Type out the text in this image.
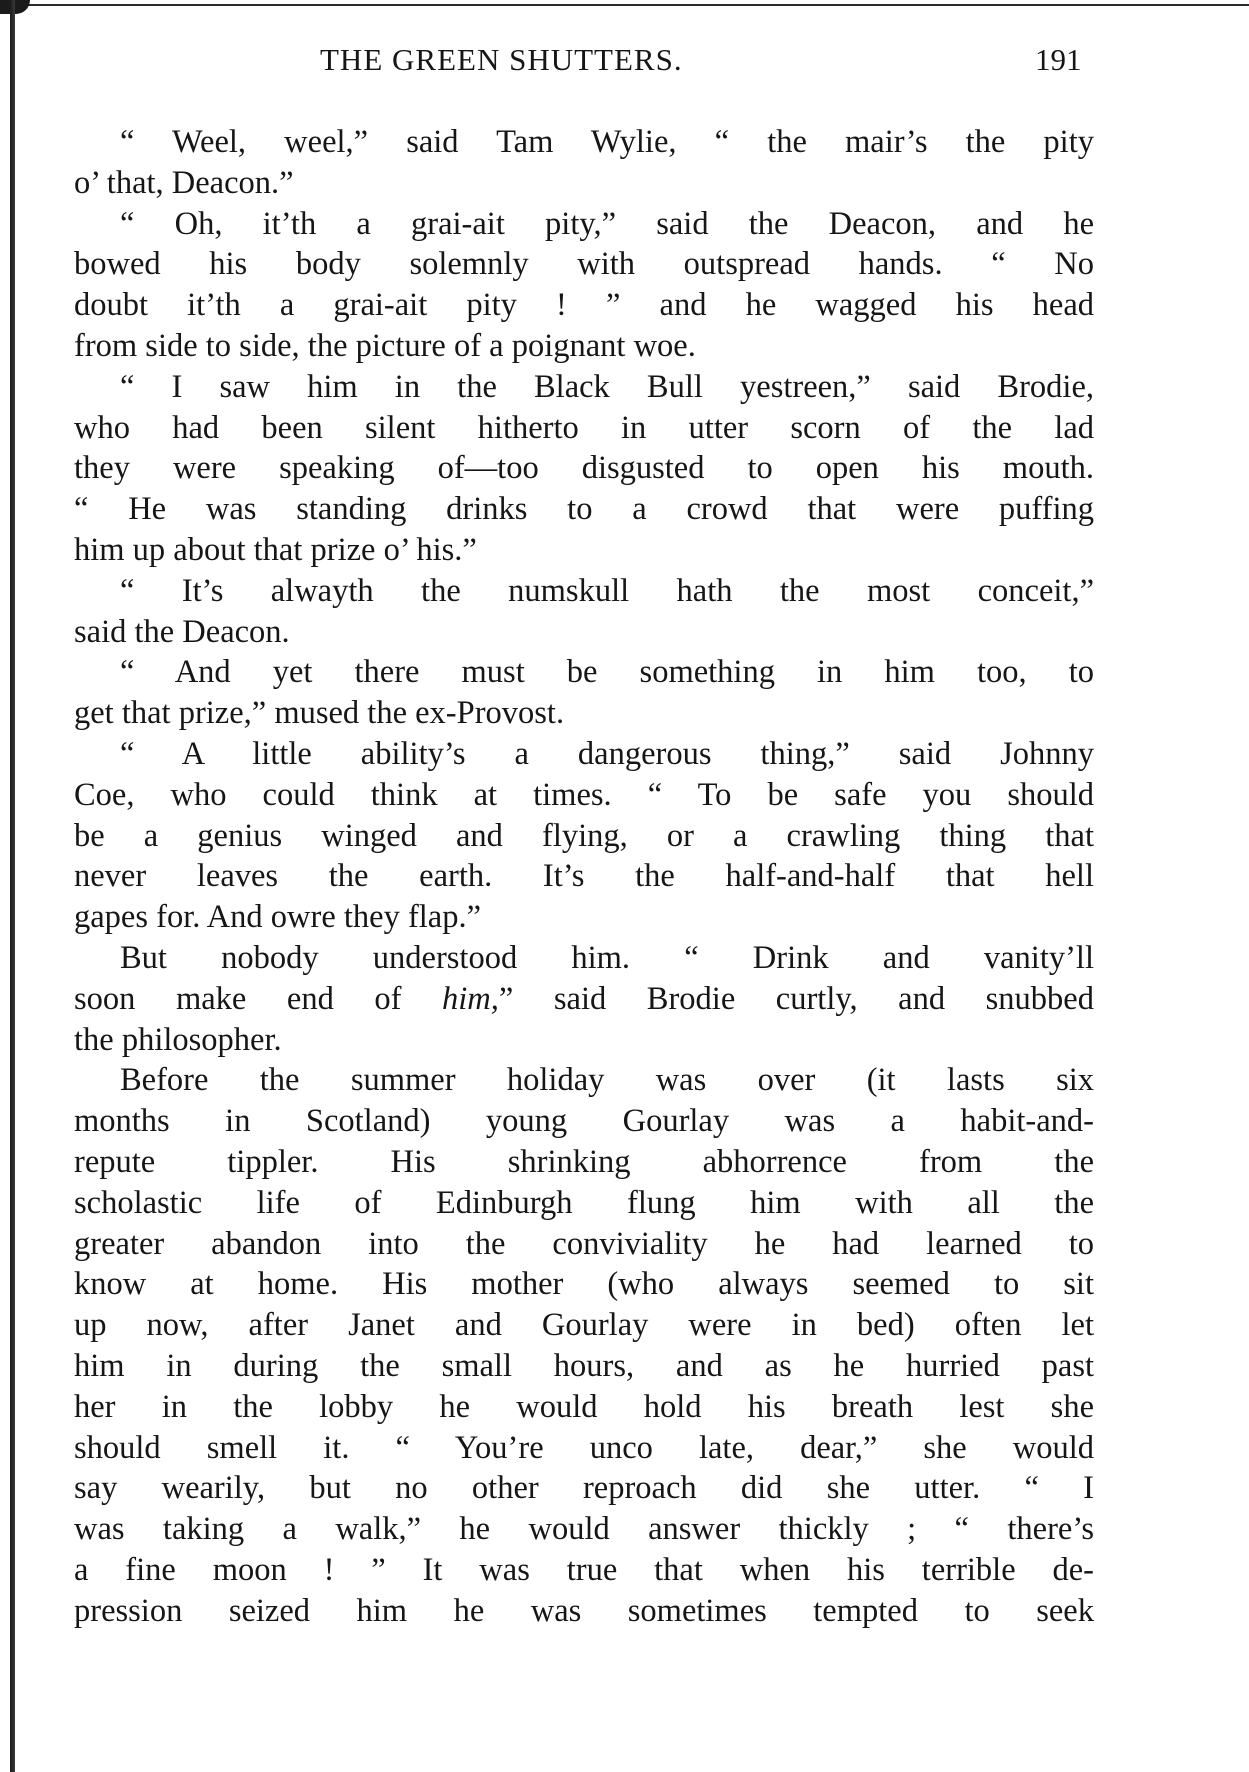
THE GREEN SHUTTERS.	191
“ Weel, weel,” said Tam Wylie, “ the mair’s the pity
o’ that, Deacon.”
“ Oh, it’th a grai-ait pity,” said the Deacon, and he
bowed his body solemnly with outspread hands. “ No
doubt it’th a grai-ait pity ! ” and he wagged his head
from side to side, the picture of a poignant woe.
“ I saw him in the Black Bull yestreen,” said Brodie,
who had been silent hitherto in utter scorn of the lad
they were speaking of—too disgusted to open his mouth.
“ He was standing drinks to a crowd that were puffing
him up about that prize o’ his.”
“ It’s alwayth the numskull hath the most conceit,”
said the Deacon.
“ And yet there must be something in him too, to
get that prize,” mused the ex-Provost.
“ A little ability’s a dangerous thing,” said Johnny
Coe, who could think at times. “ To be safe you should
be a genius winged and flying, or a crawling thing that
never leaves the earth. It’s the half-and-half that hell
gapes for. And owre they flap.”
But nobody understood him. “ Drink and vanity’ll
soon make end of him,” said Brodie curtly, and snubbed
the philosopher.
Before the summer holiday was over (it lasts six
months in Scotland) young Gourlay was a habit-and-
repute tippler. His shrinking abhorrence from the
scholastic life of Edinburgh flung him with all the
greater abandon into the conviviality he had learned to
know at home. His mother (who always seemed to sit
up now, after Janet and Gourlay were in bed) often let
him in during the small hours, and as he hurried past
her in the lobby he would hold his breath lest she
should smell it. “ You’re unco late, dear,” she would
say wearily, but no other reproach did she utter. “ I
was taking a walk,” he would answer thickly ; “ there’s
a fine moon ! ” It was true that when his terrible de-
pression seized him he was sometimes tempted to seek
